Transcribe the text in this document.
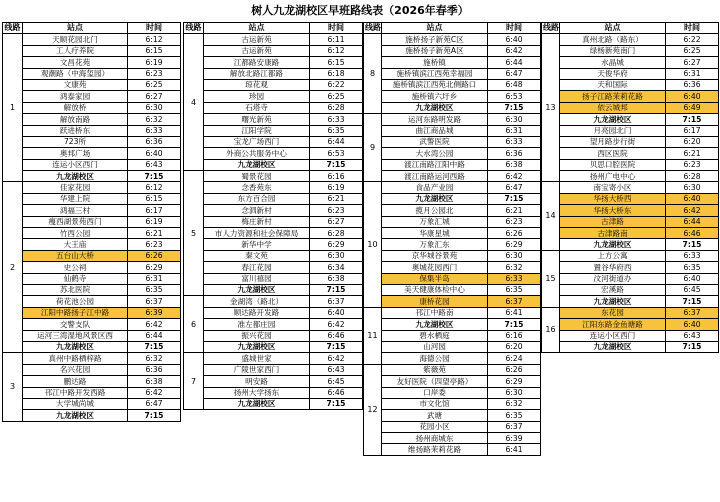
树人九龙湖校区早班路线表（2026年春季）
线路	站点	时间
1	天顺花园北门	6:12
	工人疗养院	6:15
	文昌花苑	6:19
	观潮路（中海玺园）	6:23
	文康苑	6:25
	鸿泰家园	6:27
	解放桥	6:30
	解放南路	6:32
	跃进桥东	6:33
	723所	6:36
	奥邦广场	6:40
	连运小区西门	6:43
	九龙湖校区	7:15
2	佳家花园	6:12
	华建上院	6:15
	鸿福三村	6:17
	瘦西湖景苑西门	6:19
	竹西公园	6:21
	大王庙	6:23
	五台山大桥	6:26
	史公祠	6:29
	仙鹤寺	6:31
	苏北医院	6:35
	荷花池公园	6:37
	江阳中路扬子江中路	6:39
	交警支队	6:42
	运河三湾湿地风景区西	6:44
	九龙湖校区	7:15
3	真州中路栖梓路	6:32
	名兴花园	6:36
	鹏达路	6:38
	邗江中路开发西路	6:42
	大学城尚城	6:47
	九龙湖校区	7:15
线路	站点	时间
4	古运新苑	6:11
	古运新苑	6:12
	江都路安康路	6:15
	解放北路江都路	6:18
	琼花观	6:22
	珍园	6:25
	石塔寺	6:28
	曙光新苑	6:33
	江阳学院	6:35
	宝龙广场西门	6:44
	外商公共服务中心	6:53
	九龙湖校区	7:15
5	蜀景花园	6:16
	念香苑东	6:19
	东方百合园	6:21
	念泗新村	6:23
	梅庄新村	6:27
	市人力资源和社会保障局	6:28
	新华中学	6:29
	秦文苑	6:30
	春江花园	6:34
	富川禧园	6:38
	九龙湖校区	7:15
6	金湖湾（路北）	6:37
	顺达路开发路	6:40
	准左都庄园	6:42
	振兴花园	6:46
	九龙湖校区	7:15
7	盛城世家	6:42
	广陵世家西门	6:43
	明安路	6:45
	扬州大学扬东	6:46
	九龙湖校区	7:15
线路	站点	时间
8	施桥扬子新苑C区	6:40
	施桥扬子新苑A区	6:42
	施桥镇	6:44
	施桥镇滨江西苑幸福园	6:47
	施桥镇滨江西苑北侧路口	6:48
	施桥镇六圩乡	6:53
	九龙湖校区	7:15
9	运河东路明发路	6:30
	曲江商品城	6:31
	武警医院	6:33
	大水湾公园	6:36
	渡江南路江阳中路	6:38
	渡江南路运河西路	6:42
10	食品产业园	6:47
	九龙湖校区	7:15
	揽月公园北	6:21
	万象汇城	6:23
	华康星城	6:26
	万象汇东	6:29
	京华城谷景苑	6:30
	奥城花园西门	6:32
	保集半岛	6:33
	美天健康体检中心	6:35
	康桥花园	6:37
11	邗江中路南	6:41
	九龙湖校区	7:15
	碧水栖庭	6:16
	山河园	6:20
	海德公园	6:24
12	紫薇苑	6:26
	友好医院（四望亭路）	6:29
	口岸委	6:30
	市文化馆	6:32
	武塘	6:35
	花园小区	6:37
	扬州商城东	6:39
	维扬路茉莉花路	6:41
线路	站点	时间
13	真州北路（路东）	6:22
	绿杨新苑南门	6:25
	水晶城	6:27
	天俊华府	6:31
	天和国际	6:36
	扬子江路茉莉花路	6:40
	依云城邦	6:49
	九龙湖校区	7:15
	月亮园北门	6:17
	望月路步行街	6:20
	西区医院	6:21
	贝思口腔医院	6:23
	扬州广电中心	6:28
14	南宝寄小区	6:30
	华扬大桥西	6:40
	华扬大桥东	6:42
	古津路	6:44
	古津路南	6:46
	九龙湖校区	7:15
15	上方公寓	6:33
	置谷华府西	6:35
	汶河街道办	6:40
	宏溪路	6:45
	九龙湖校区	7:15
16	东花园	6:37
	江阳东路金鱼塘路	6:40
	连运小区西门	6:43
	九龙湖校区	7:15
